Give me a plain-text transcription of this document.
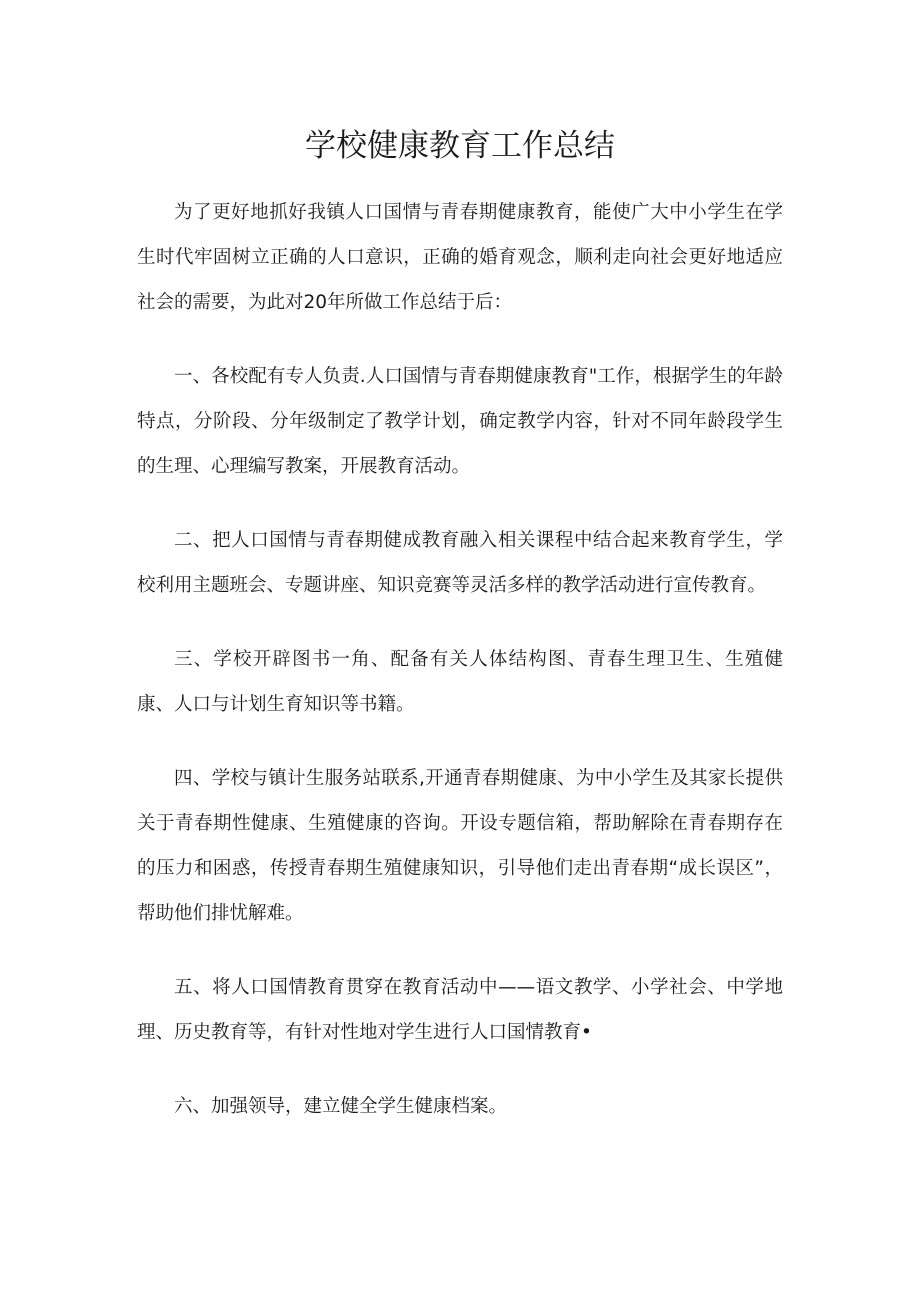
学校健康教育工作总结

为了更好地抓好我镇人口国情与青春期健康教育，能使广大中小学生在学生时代牢固树立正确的人口意识，正确的婚育观念，顺利走向社会更好地适应社会的需要，为此对20年所做工作总结于后：

一、各校配有专人负责.人口国情与青春期健康教育"工作，根据学生的年龄特点，分阶段、分年级制定了教学计划，确定教学内容，针对不同年龄段学生的生理、心理编写教案，开展教育活动。

二、把人口国情与青春期健成教育融入相关课程中结合起来教育学生，学校利用主题班会、专题讲座、知识竞赛等灵活多样的教学活动进行宣传教育。

三、学校开辟图书一角、配备有关人体结构图、青春生理卫生、生殖健康、人口与计划生育知识等书籍。

四、学校与镇计生服务站联系,开通青春期健康、为中小学生及其家长提供关于青春期性健康、生殖健康的咨询。开设专题信箱，帮助解除在青春期存在的压力和困惑，传授青春期生殖健康知识，引导他们走出青春期“成长误区”，帮助他们排忧解难。

五、将人口国情教育贯穿在教育活动中——语文教学、小学社会、中学地理、历史教育等，有针对性地对学生进行人口国情教育•

六、加强领导，建立健全学生健康档案。
